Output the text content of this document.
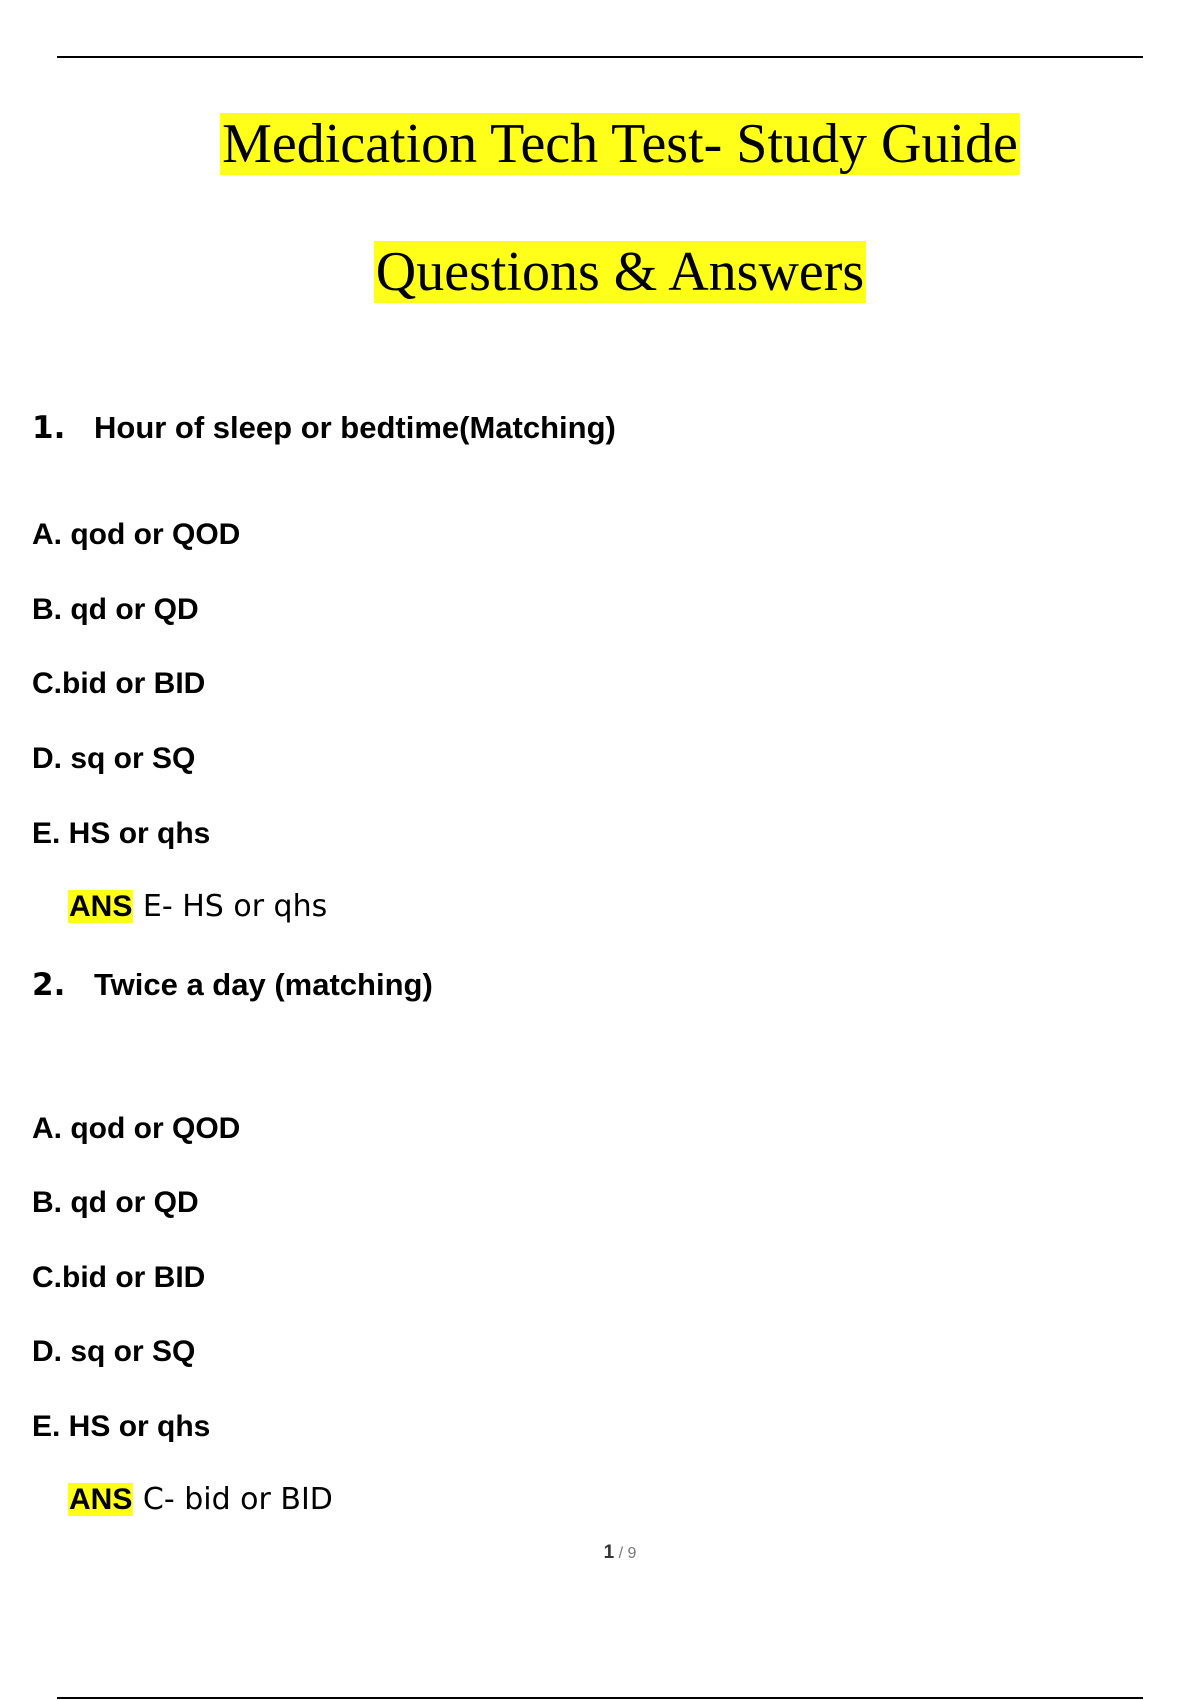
Medication Tech Test- Study Guide
Questions & Answers
1. Hour of sleep or bedtime(Matching)
A. qod or QOD
B. qd or QD
C.bid or BID
D. sq or SQ
E. HS or qhs
ANS E- HS or qhs
2. Twice a day (matching)
A. qod or QOD
B. qd or QD
C.bid or BID
D. sq or SQ
E. HS or qhs
ANS C- bid or BID
1 / 9
